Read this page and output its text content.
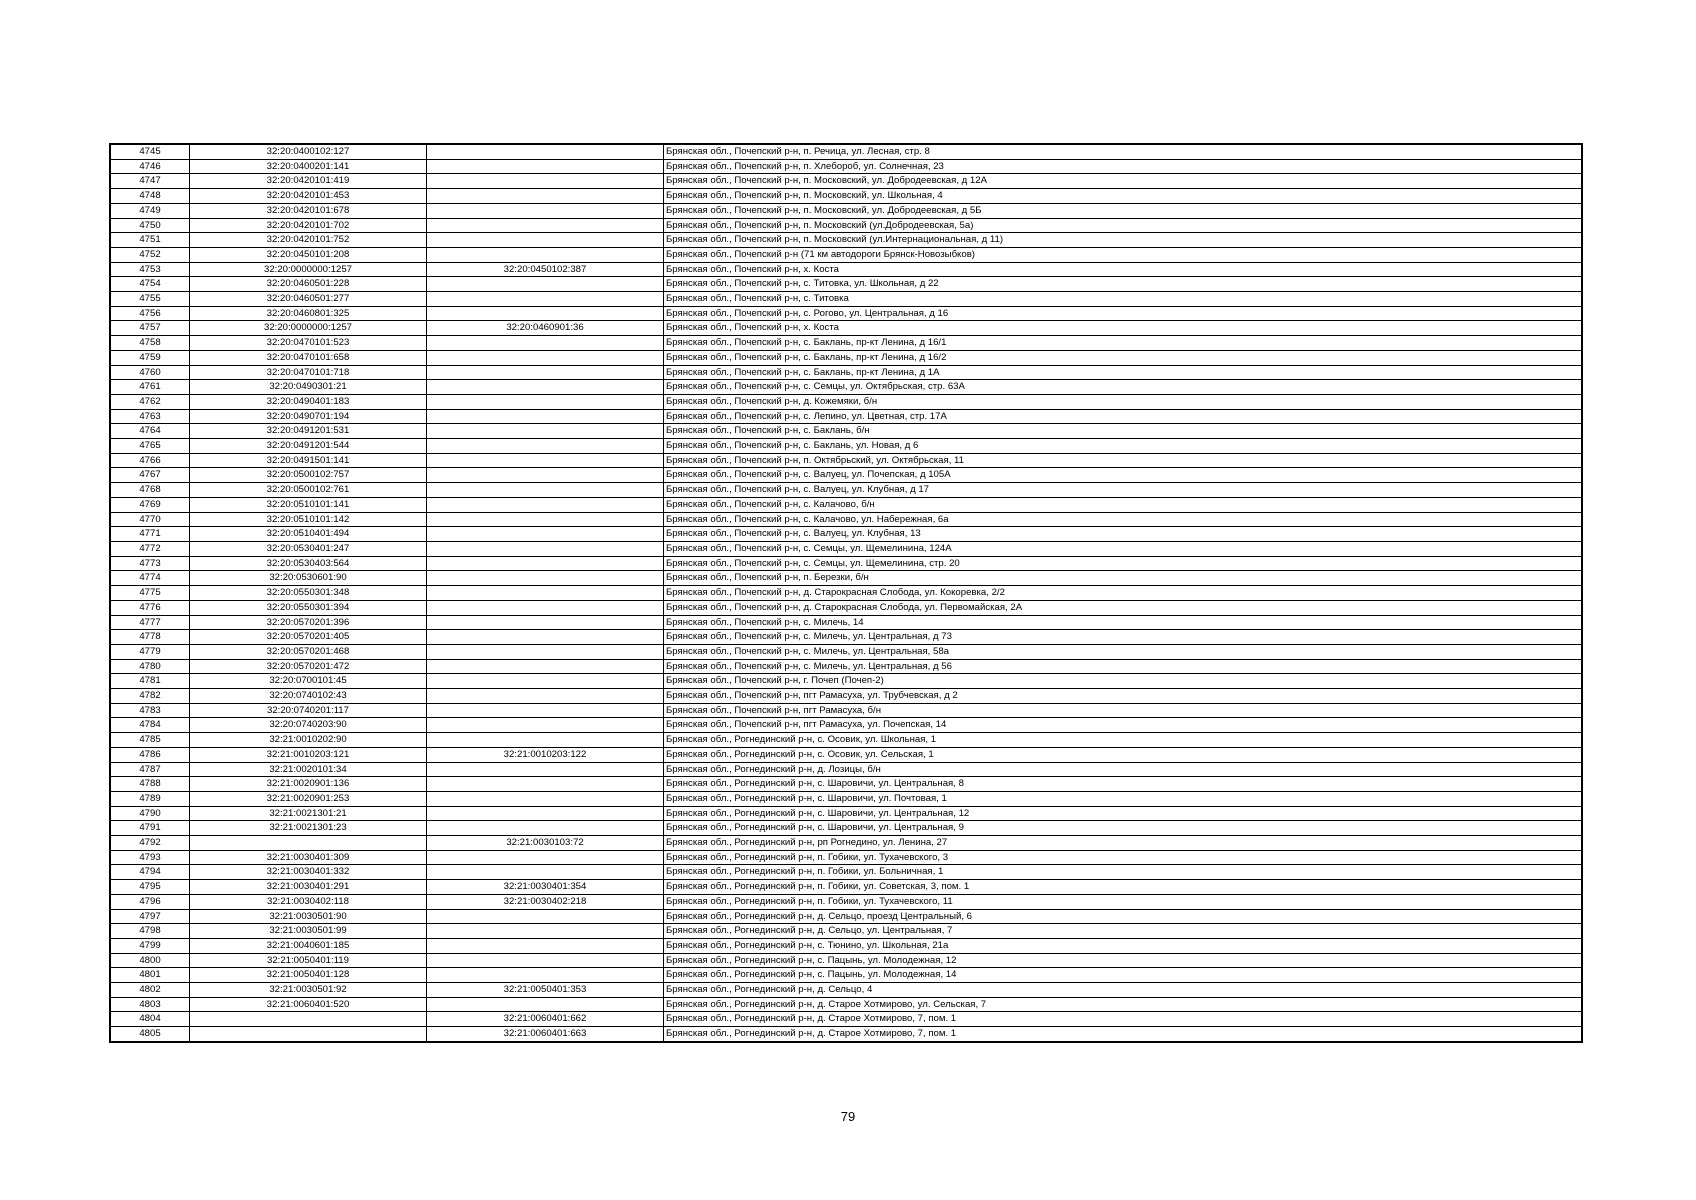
4745	32:20:0400102:127		Брянская обл., Почепский р-н, п. Речица, ул. Лесная, стр. 8
4746	32:20:0400201:141		Брянская обл., Почепский р-н, п. Хлебороб, ул. Солнечная, 23
4747	32:20:0420101:419		Брянская обл., Почепский р-н, п. Московский, ул. Добродеевская, д 12А
4748	32:20:0420101:453		Брянская обл., Почепский р-н, п. Московский, ул. Школьная, 4
4749	32:20:0420101:678		Брянская обл., Почепский р-н, п. Московский, ул. Добродеевская, д 5Б
4750	32:20:0420101:702		Брянская обл., Почепский р-н, п. Московский (ул.Добродеевская, 5а)
4751	32:20:0420101:752		Брянская обл., Почепский р-н, п. Московский (ул.Интернациональная, д 11)
4752	32:20:0450101:208		Брянская обл., Почепский р-н (71 км автодороги Брянск-Новозыбков)
4753	32:20:0000000:1257	32:20:0450102:387	Брянская обл., Почепский р-н, х. Коста
4754	32:20:0460501:228		Брянская обл., Почепский р-н, с. Титовка, ул. Школьная, д 22
4755	32:20:0460501:277		Брянская обл., Почепский р-н, с. Титовка
4756	32:20:0460801:325		Брянская обл., Почепский р-н, с. Рогово, ул. Центральная, д 16
4757	32:20:0000000:1257	32:20:0460901:36	Брянская обл., Почепский р-н, х. Коста
4758	32:20:0470101:523		Брянская обл., Почепский р-н, с. Баклань, пр-кт Ленина, д 16/1
4759	32:20:0470101:658		Брянская обл., Почепский р-н, с. Баклань, пр-кт Ленина, д 16/2
4760	32:20:0470101:718		Брянская обл., Почепский р-н, с. Баклань, пр-кт Ленина, д 1А
4761	32:20:0490301:21		Брянская обл., Почепский р-н, с. Семцы, ул. Октябрьская, стр. 63А
4762	32:20:0490401:183		Брянская обл., Почепский р-н, д. Кожемяки, б/н
4763	32:20:0490701:194		Брянская обл., Почепский р-н, с. Лепино, ул. Цветная, стр. 17А
4764	32:20:0491201:531		Брянская обл., Почепский р-н, с. Баклань, б/н
4765	32:20:0491201:544		Брянская обл., Почепский р-н, с. Баклань, ул. Новая, д 6
4766	32:20:0491501:141		Брянская обл., Почепский р-н, п. Октябрьский, ул. Октябрьская, 11
4767	32:20:0500102:757		Брянская обл., Почепский р-н, с. Валуец, ул. Почепская, д 105А
4768	32:20:0500102:761		Брянская обл., Почепский р-н, с. Валуец, ул. Клубная, д 17
4769	32:20:0510101:141		Брянская обл., Почепский р-н, с. Калачово, б/н
4770	32:20:0510101:142		Брянская обл., Почепский р-н, с. Калачово, ул. Набережная, 6а
4771	32:20:0510401:494		Брянская обл., Почепский р-н, с. Валуец, ул. Клубная, 13
4772	32:20:0530401:247		Брянская обл., Почепский р-н, с. Семцы, ул. Щемелинина, 124А
4773	32:20:0530403:564		Брянская обл., Почепский р-н, с. Семцы, ул. Щемелинина, стр. 20
4774	32:20:0530601:90		Брянская обл., Почепский р-н, п. Березки, б/н
4775	32:20:0550301:348		Брянская обл., Почепский р-н, д. Старокрасная Слобода, ул. Кокоревка, 2/2
4776	32:20:0550301:394		Брянская обл., Почепский р-н, д. Старокрасная Слобода, ул. Первомайская, 2А
4777	32:20:0570201:396		Брянская обл., Почепский р-н, с. Милечь, 14
4778	32:20:0570201:405		Брянская обл., Почепский р-н, с. Милечь, ул. Центральная, д 73
4779	32:20:0570201:468		Брянская обл., Почепский р-н, с. Милечь, ул. Центральная, 58а
4780	32:20:0570201:472		Брянская обл., Почепский р-н, с. Милечь, ул. Центральная, д 56
4781	32:20:0700101:45		Брянская обл., Почепский р-н, г. Почеп (Почеп-2)
4782	32:20:0740102:43		Брянская обл., Почепский р-н, пгт Рамасуха, ул. Трубчевская, д 2
4783	32:20:0740201:117		Брянская обл., Почепский р-н, пгт Рамасуха, б/н
4784	32:20:0740203:90		Брянская обл., Почепский р-н, пгт Рамасуха, ул. Почепская, 14
4785	32:21:0010202:90		Брянская обл., Рогнединский р-н, с. Осовик, ул. Школьная, 1
4786	32:21:0010203:121	32:21:0010203:122	Брянская обл., Рогнединский р-н, с. Осовик, ул. Сельская, 1
4787	32:21:0020101:34		Брянская обл., Рогнединский р-н, д. Лозицы, б/н
4788	32:21:0020901:136		Брянская обл., Рогнединский р-н, с. Шаровичи, ул. Центральная, 8
4789	32:21:0020901:253		Брянская обл., Рогнединский р-н, с. Шаровичи, ул. Почтовая, 1
4790	32:21:0021301:21		Брянская обл., Рогнединский р-н, с. Шаровичи, ул. Центральная, 12
4791	32:21:0021301:23		Брянская обл., Рогнединский р-н, с. Шаровичи, ул. Центральная, 9
4792		32:21:0030103:72	Брянская обл., Рогнединский р-н, рп Рогнедино, ул. Ленина, 27
4793	32:21:0030401:309		Брянская обл., Рогнединский р-н, п. Гобики, ул. Тухачевского, 3
4794	32:21:0030401:332		Брянская обл., Рогнединский р-н, п. Гобики, ул. Больничная, 1
4795	32:21:0030401:291	32:21:0030401:354	Брянская обл., Рогнединский р-н, п. Гобики, ул. Советская, 3, пом. 1
4796	32:21:0030402:118	32:21:0030402:218	Брянская обл., Рогнединский р-н, п. Гобики, ул. Тухачевского, 11
4797	32:21:0030501:90		Брянская обл., Рогнединский р-н, д. Сельцо, проезд Центральный, 6
4798	32:21:0030501:99		Брянская обл., Рогнединский р-н, д. Сельцо, ул. Центральная, 7
4799	32:21:0040601:185		Брянская обл., Рогнединский р-н, с. Тюнино, ул. Школьная, 21а
4800	32:21:0050401:119		Брянская обл., Рогнединский р-н, с. Пацынь, ул. Молодежная, 12
4801	32:21:0050401:128		Брянская обл., Рогнединский р-н, с. Пацынь, ул. Молодежная, 14
4802	32:21:0030501:92	32:21:0050401:353	Брянская обл., Рогнединский р-н, д. Сельцо, 4
4803	32:21:0060401:520		Брянская обл., Рогнединский р-н, д. Старое Хотмирово, ул. Сельская, 7
4804		32:21:0060401:662	Брянская обл., Рогнединский р-н, д. Старое Хотмирово, 7, пом. 1
4805		32:21:0060401:663	Брянская обл., Рогнединский р-н, д. Старое Хотмирово, 7, пом. 1
79
